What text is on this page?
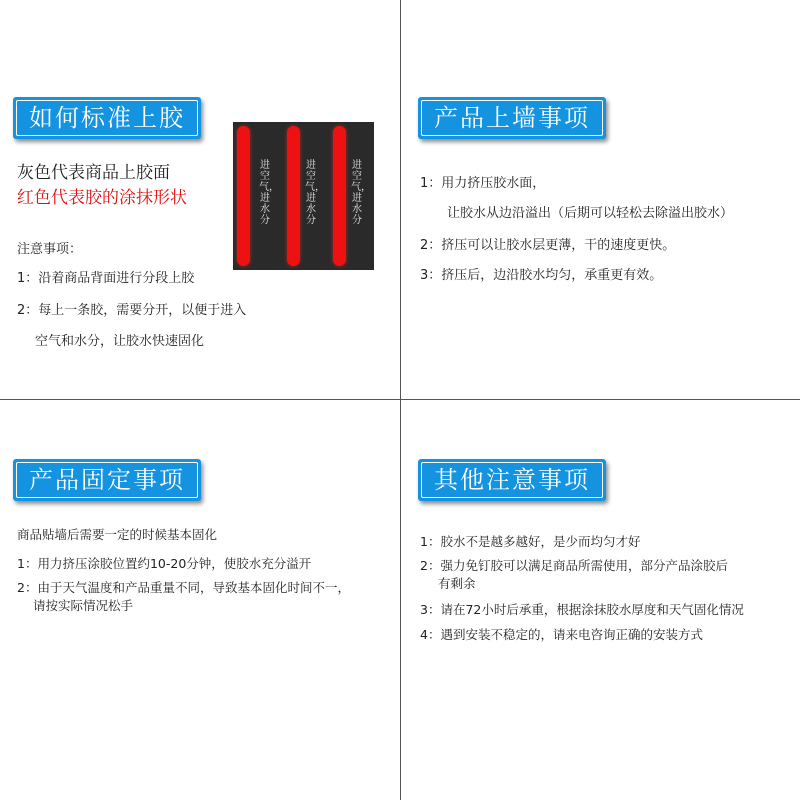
如何标准上胶
灰色代表商品上胶面
红色代表胶的涂抹形状
注意事项：
1：沿着商品背面进行分段上胶
2：每上一条胶，需要分开，以便于进入
空气和水分，让胶水快速固化
进空气，进水分
进空气，进水分
进空气，进水分
产品上墙事项
1：用力挤压胶水面，
让胶水从边沿溢出（后期可以轻松去除溢出胶水）
2：挤压可以让胶水层更薄，干的速度更快。
3：挤压后，边沿胶水均匀，承重更有效。
产品固定事项
商品贴墙后需要一定的时候基本固化
1：用力挤压涂胶位置约10-20分钟，使胶水充分溢开
2：由于天气温度和产品重量不同，导致基本固化时间不一，
请按实际情况松手
其他注意事项
1：胶水不是越多越好，是少而均匀才好
2：强力免钉胶可以满足商品所需使用，部分产品涂胶后
有剩余
3：请在72小时后承重，根据涂抹胶水厚度和天气固化情况
4：遇到安装不稳定的，请来电咨询正确的安装方式
